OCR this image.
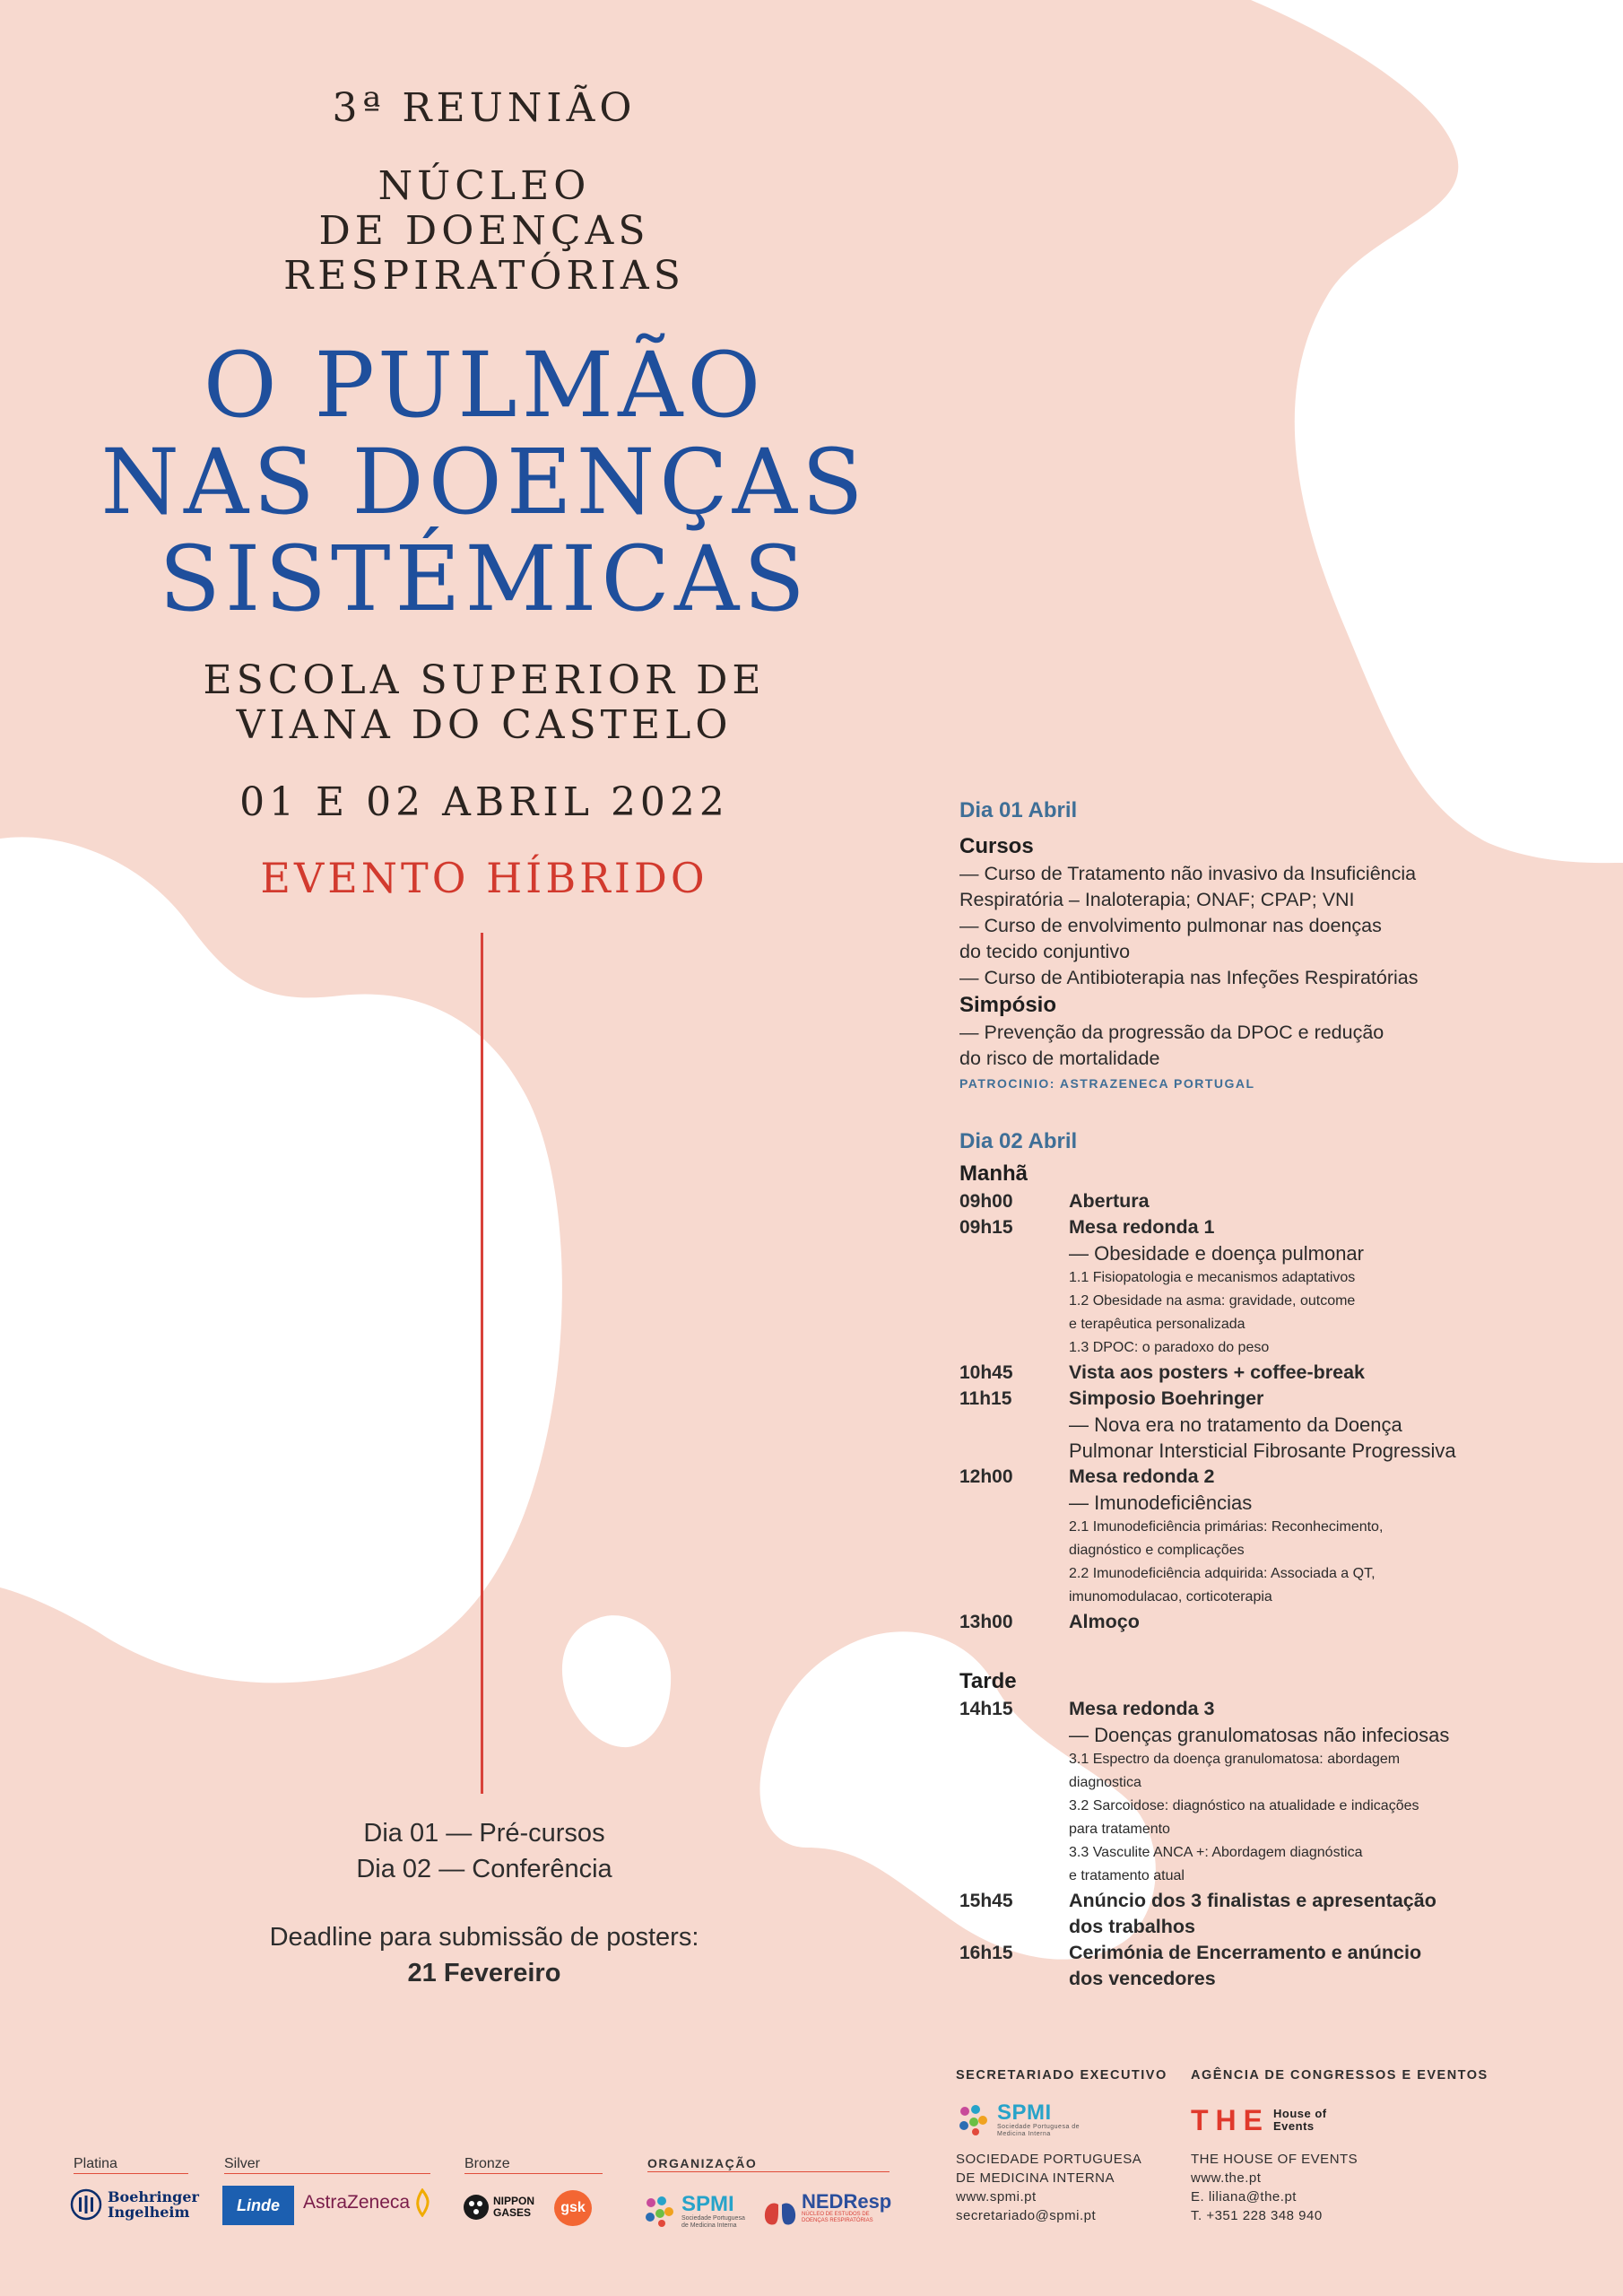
3ª REUNIÃO
NÚCLEO
DE DOENÇAS
RESPIRATÓRIAS
O PULMÃO
NAS DOENÇAS
SISTÉMICAS
ESCOLA SUPERIOR DE
VIANA DO CASTELO
01 E 02 ABRIL 2022
EVENTO HÍBRIDO
Dia 01 — Pré-cursos
Dia 02 — Conferência
Deadline para submissão de posters:
21 Fevereiro
Dia 01 Abril
Cursos
— Curso de Tratamento não invasivo da Insuficiência
Respiratória – Inaloterapia; ONAF; CPAP; VNI
— Curso de envolvimento pulmonar nas doenças
do tecido conjuntivo
— Curso de Antibioterapia nas Infeções Respiratórias
Simpósio
— Prevenção da progressão da DPOC e redução
do risco de mortalidade
PATROCINIO: ASTRAZENECA PORTUGAL
Dia 02 Abril
Manhã
09h00	Abertura
09h15	Mesa redonda 1
— Obesidade e doença pulmonar
1.1 Fisiopatologia e mecanismos adaptativos
1.2 Obesidade na asma: gravidade, outcome
e terapêutica personalizada
1.3 DPOC: o paradoxo do peso
10h45	Vista aos posters + coffee-break
11h15	Simposio Boehringer
— Nova era no tratamento da Doença
Pulmonar Intersticial Fibrosante Progressiva
12h00	Mesa redonda 2
— Imunodeficiências
2.1 Imunodeficiência primárias: Reconhecimento,
diagnóstico e complicações
2.2 Imunodeficiência adquirida: Associada a QT,
imunomodulacao, corticoterapia
13h00	Almoço
Tarde
14h15	Mesa redonda 3
— Doenças granulomatosas não infeciosas
3.1 Espectro da doença granulomatosa: abordagem
diagnostica
3.2 Sarcoidose: diagnóstico na atualidade e indicações
para tratamento
3.3 Vasculite ANCA +: Abordagem diagnóstica
e tratamento atual
15h45	Anúncio dos 3 finalistas e apresentação
dos trabalhos
16h15	Cerimónia de Encerramento e anúncio
dos vencedores
SECRETARIADO EXECUTIVO
SPMI
Sociedade Portuguesa de Medicina Interna
SOCIEDADE PORTUGUESA
DE MEDICINA INTERNA
www.spmi.pt
secretariado@spmi.pt
AGÊNCIA DE CONGRESSOS E EVENTOS
THE House of Events
THE HOUSE OF EVENTS
www.the.pt
E. liliana@the.pt
T. +351 228 348 940
Platina	Silver	Bronze	ORGANIZAÇÃO
Boehringer Ingelheim	Linde AstraZeneca	NIPPON GASES	gsk	SPMI
Sociedade Portuguesa de Medicina Interna
NEDResp
NÚCLEO DE ESTUDOS DE DOENÇAS RESPIRATÓRIAS
